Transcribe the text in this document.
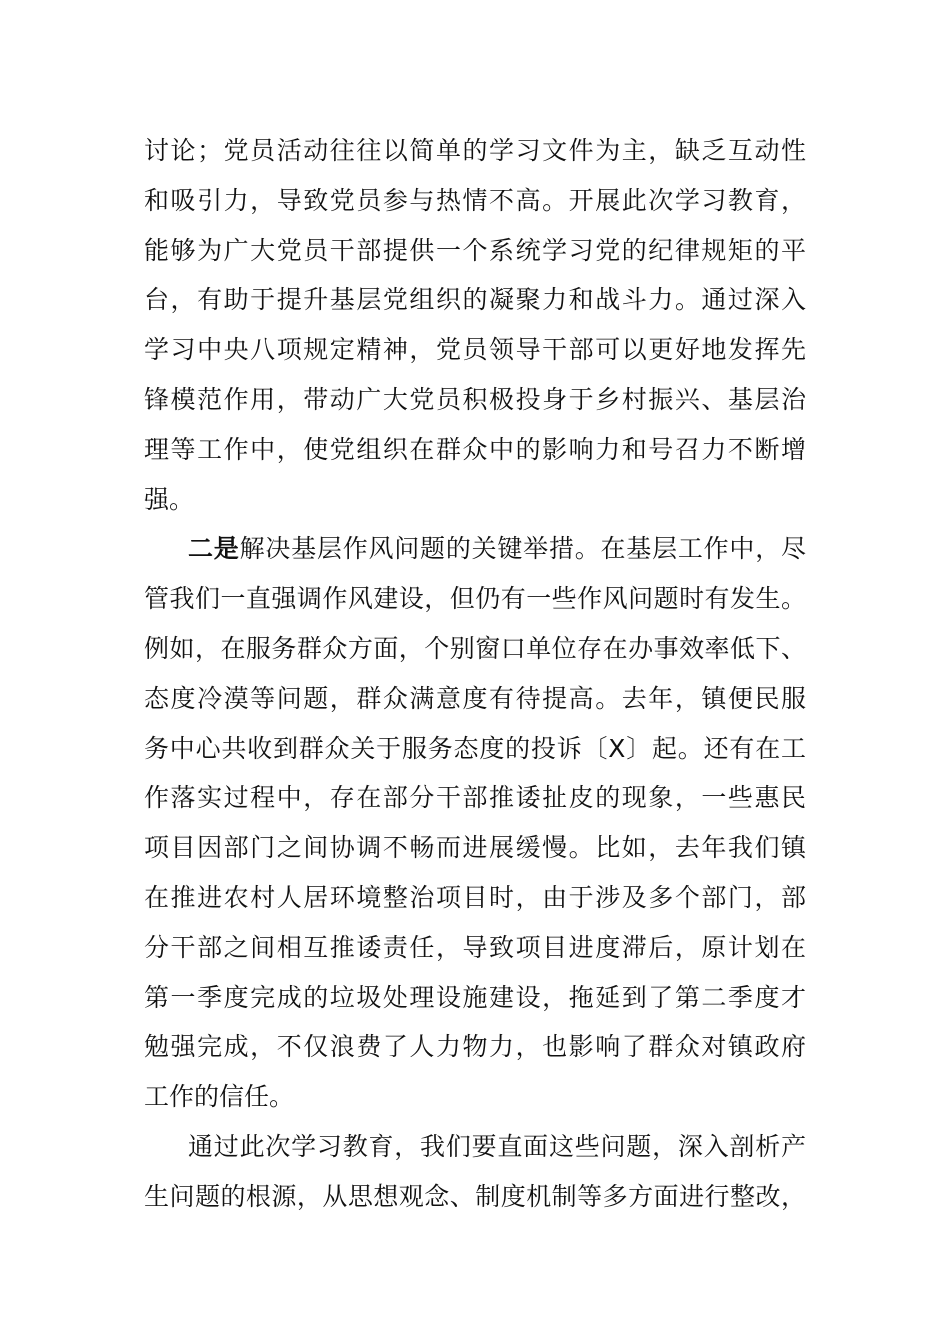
讨论；党员活动往往以简单的学习文件为主，缺乏互动性
和吸引力，导致党员参与热情不高。开展此次学习教育，
能够为广大党员干部提供一个系统学习党的纪律规矩的平
台，有助于提升基层党组织的凝聚力和战斗力。通过深入
学习中央八项规定精神，党员领导干部可以更好地发挥先
锋模范作用，带动广大党员积极投身于乡村振兴、基层治
理等工作中，使党组织在群众中的影响力和号召力不断增
强。
二是解决基层作风问题的关键举措。在基层工作中，尽
管我们一直强调作风建设，但仍有一些作风问题时有发生。
例如，在服务群众方面，个别窗口单位存在办事效率低下、
态度冷漠等问题，群众满意度有待提高。去年，镇便民服
务中心共收到群众关于服务态度的投诉〔X〕起。还有在工
作落实过程中，存在部分干部推诿扯皮的现象，一些惠民
项目因部门之间协调不畅而进展缓慢。比如，去年我们镇
在推进农村人居环境整治项目时，由于涉及多个部门，部
分干部之间相互推诿责任，导致项目进度滞后，原计划在
第一季度完成的垃圾处理设施建设，拖延到了第二季度才
勉强完成，不仅浪费了人力物力，也影响了群众对镇政府
工作的信任。
通过此次学习教育，我们要直面这些问题，深入剖析产
生问题的根源，从思想观念、制度机制等多方面进行整改，
